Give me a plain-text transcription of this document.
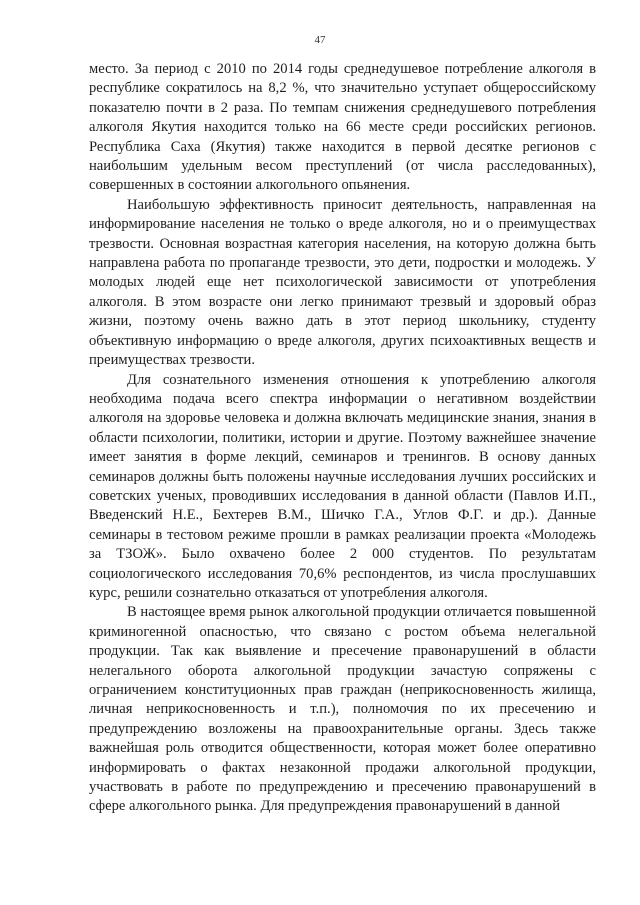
47

место. За период с 2010 по 2014 годы среднедушевое потребление алкоголя в республике сократилось на 8,2 %, что значительно уступает общероссийскому показателю почти в 2 раза. По темпам снижения среднедушевого потребления алкоголя Якутия находится только на 66 месте среди российских регионов. Республика Саха (Якутия) также находится в первой десятке регионов с наибольшим удельным весом преступлений (от числа расследованных), совершенных в состоянии алкогольного опьянения.

Наибольшую эффективность приносит деятельность, направленная на информирование населения не только о вреде алкоголя, но и о преимуществах трезвости. Основная возрастная категория населения, на которую должна быть направлена работа по пропаганде трезвости, это дети, подростки и молодежь. У молодых людей еще нет психологической зависимости от употребления алкоголя. В этом возрасте они легко принимают трезвый и здоровый образ жизни, поэтому очень важно дать в этот период школьнику, студенту объективную информацию о вреде алкоголя, других психоактивных веществ и преимуществах трезвости.

Для сознательного изменения отношения к употреблению алкоголя необходима подача всего спектра информации о негативном воздействии алкоголя на здоровье человека и должна включать медицинские знания, знания в области психологии, политики, истории и другие. Поэтому важнейшее значение имеет занятия в форме лекций, семинаров и тренингов. В основу данных семинаров должны быть положены научные исследования лучших российских и советских ученых, проводивших исследования в данной области (Павлов И.П., Введенский Н.Е., Бехтерев В.М., Шичко Г.А., Углов Ф.Г. и др.). Данные семинары в тестовом режиме прошли в рамках реализации проекта «Молодежь за ТЗОЖ». Было охвачено более 2 000 студентов. По результатам социологического исследования 70,6% респондентов, из числа прослушавших курс, решили сознательно отказаться от употребления алкоголя.

В настоящее время рынок алкогольной продукции отличается повышенной криминогенной опасностью, что связано с ростом объема нелегальной продукции. Так как выявление и пресечение правонарушений в области нелегального оборота алкогольной продукции зачастую сопряжены с ограничением конституционных прав граждан (неприкосновенность жилища, личная неприкосновенность и т.п.), полномочия по их пресечению и предупреждению возложены на правоохранительные органы. Здесь также важнейшая роль отводится общественности, которая может более оперативно информировать о фактах незаконной продажи алкогольной продукции, участвовать в работе по предупреждению и пресечению правонарушений в сфере алкогольного рынка. Для предупреждения правонарушений в данной
